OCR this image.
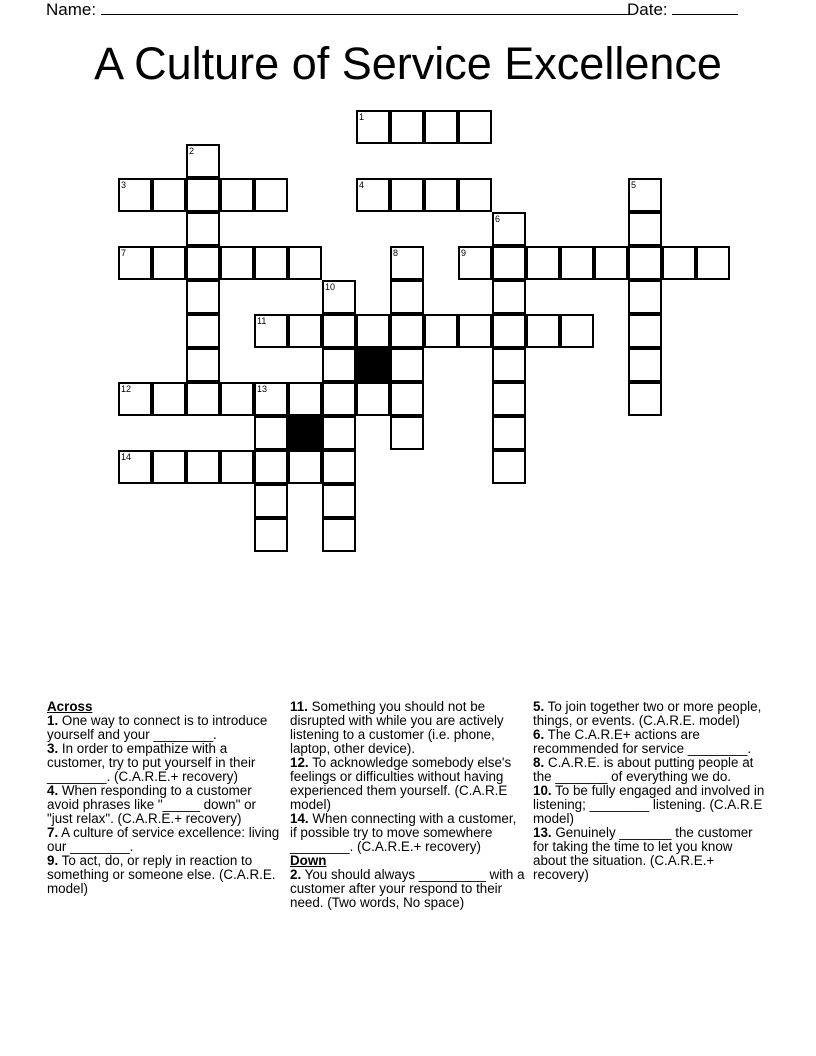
Name:	Date:
A Culture of Service Excellence
1
2
3	4	5
6
7	8	9
10
11
12	13
14
Across
1. One way to connect is to introduce yourself and your ________.
3. In order to empathize with a customer, try to put yourself in their ________. (C.A.R.E.+ recovery)
4. When responding to a customer avoid phrases like "_____ down" or "just relax". (C.A.R.E.+ recovery)
7. A culture of service excellence: living our ________.
9. To act, do, or reply in reaction to something or someone else. (C.A.R.E. model)
11. Something you should not be disrupted with while you are actively listening to a customer (i.e. phone, laptop, other device).
12. To acknowledge somebody else's feelings or difficulties without having experienced them yourself. (C.A.R.E model)
14. When connecting with a customer, if possible try to move somewhere ________. (C.A.R.E.+ recovery)
Down
2. You should always _________ with a customer after your respond to their need. (Two words, No space)
5. To join together two or more people, things, or events. (C.A.R.E. model)
6. The C.A.R.E+ actions are recommended for service ________.
8. C.A.R.E. is about putting people at the _______ of everything we do.
10. To be fully engaged and involved in listening; ________ listening. (C.A.R.E model)
13. Genuinely _______ the customer for taking the time to let you know about the situation. (C.A.R.E.+ recovery)
